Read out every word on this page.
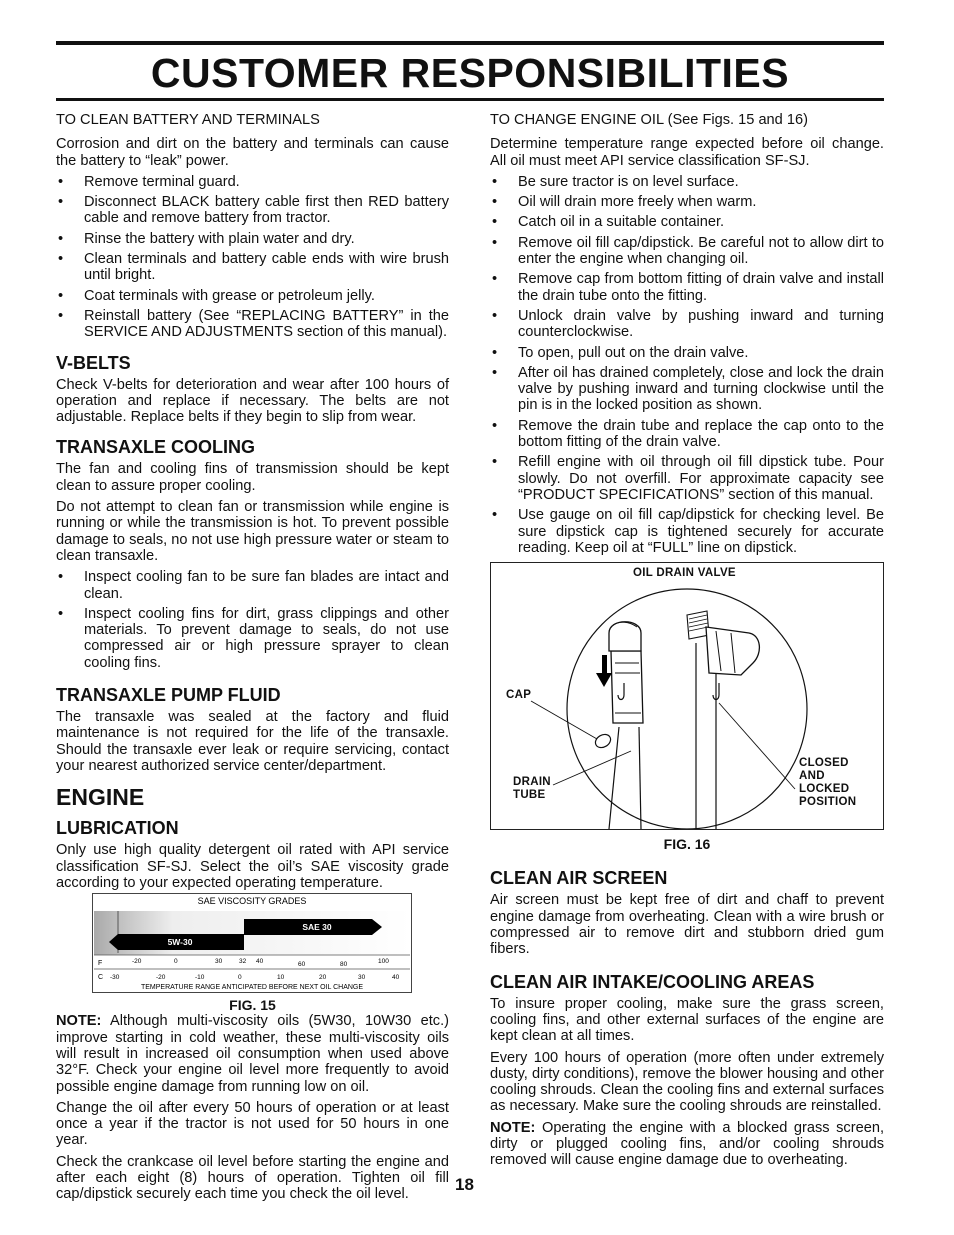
CUSTOMER RESPONSIBILITIES

TO CLEAN BATTERY AND TERMINALS

Corrosion and dirt on the battery and terminals can cause the battery to “leak” power.

• Remove terminal guard.
• Disconnect BLACK battery cable first then RED battery cable and remove battery from tractor.
• Rinse the battery with plain water and dry.
• Clean terminals and battery cable ends with wire brush until bright.
• Coat terminals with grease or petroleum jelly.
• Reinstall battery (See “REPLACING BATTERY” in the SERVICE AND ADJUSTMENTS section of this manual).
V-BELTS

Check V-belts for deterioration and wear after 100 hours of operation and replace if necessary. The belts are not adjustable. Replace belts if they begin to slip from wear.

TRANSAXLE COOLING

The fan and cooling fins of transmission should be kept clean to assure proper cooling.

Do not attempt to clean fan or transmission while engine is running or while the transmission is hot. To prevent possible damage to seals, no not use high pressure water or steam to clean transaxle.

• Inspect cooling fan to be sure fan blades are intact and clean.
• Inspect cooling fins for dirt, grass clippings and other materials. To prevent damage to seals, do not use compressed air or high pressure sprayer to clean cooling fins.
TRANSAXLE PUMP FLUID

The transaxle was sealed at the factory and fluid maintenance is not required for the life of the transaxle. Should the transaxle ever leak or require servicing, contact your nearest authorized service center/department.

ENGINE
LUBRICATION

Only use high quality detergent oil rated with API service classification SF-SJ. Select the oil’s SAE viscosity grade according to your expected operating temperature.

SAE VISCOSITY GRADES
5W-30
SAE 30
F
C
-20	0	30	32 40	60	80	100
-30	-20	-10	0	10	20	30	40
TEMPERATURE RANGE ANTICIPATED BEFORE NEXT OIL CHANGE
FIG. 15

NOTE: Although multi-viscosity oils (5W30, 10W30 etc.) improve starting in cold weather, these multi-viscosity oils will result in increased oil consumption when used above 32°F. Check your engine oil level more frequently to avoid possible engine damage from running low on oil.

Change the oil after every 50 hours of operation or at least once a year if the tractor is not used for 50 hours in one year.

Check the crankcase oil level before starting the engine and after each eight (8) hours of operation. Tighten oil fill cap/dipstick securely each time you check the oil level.

TO CHANGE ENGINE OIL (See Figs. 15 and 16)

Determine temperature range expected before oil change. All oil must meet API service classification SF-SJ.

• Be sure tractor is on level surface.
• Oil will drain more freely when warm.
• Catch oil in a suitable container.
• Remove oil fill cap/dipstick. Be careful not to allow dirt to enter the engine when changing oil.
• Remove cap from bottom fitting of drain valve and install the drain tube onto the fitting.
• Unlock drain valve by pushing inward and turning counterclockwise.
• To open, pull out on the drain valve.
• After oil has drained completely, close and lock the drain valve by pushing inward and turning clockwise until the pin is in the locked position as shown.
• Remove the drain tube and replace the cap onto to the bottom fitting of the drain valve.
• Refill engine with oil through oil fill dipstick tube. Pour slowly. Do not overfill. For approximate capacity see “PRODUCT SPECIFICATIONS” section of this manual.
• Use gauge on oil fill cap/dipstick for checking level. Be sure dipstick cap is tightened securely for accurate reading. Keep oil at “FULL” line on dipstick.
OIL DRAIN VALVE
CAP
DRAIN TUBE
CLOSED AND LOCKED POSITION
FIG. 16
CLEAN AIR SCREEN

Air screen must be kept free of dirt and chaff to prevent engine damage from overheating. Clean with a wire brush or compressed air to remove dirt and stubborn dried gum fibers.

CLEAN AIR INTAKE/COOLING AREAS

To insure proper cooling, make sure the grass screen, cooling fins, and other external surfaces of the engine are kept clean at all times.

Every 100 hours of operation (more often under extremely dusty, dirty conditions), remove the blower housing and other cooling shrouds. Clean the cooling fins and external surfaces as necessary. Make sure the cooling shrouds are reinstalled.

NOTE: Operating the engine with a blocked grass screen, dirty or plugged cooling fins, and/or cooling shrouds removed will cause engine damage due to overheating.

18
